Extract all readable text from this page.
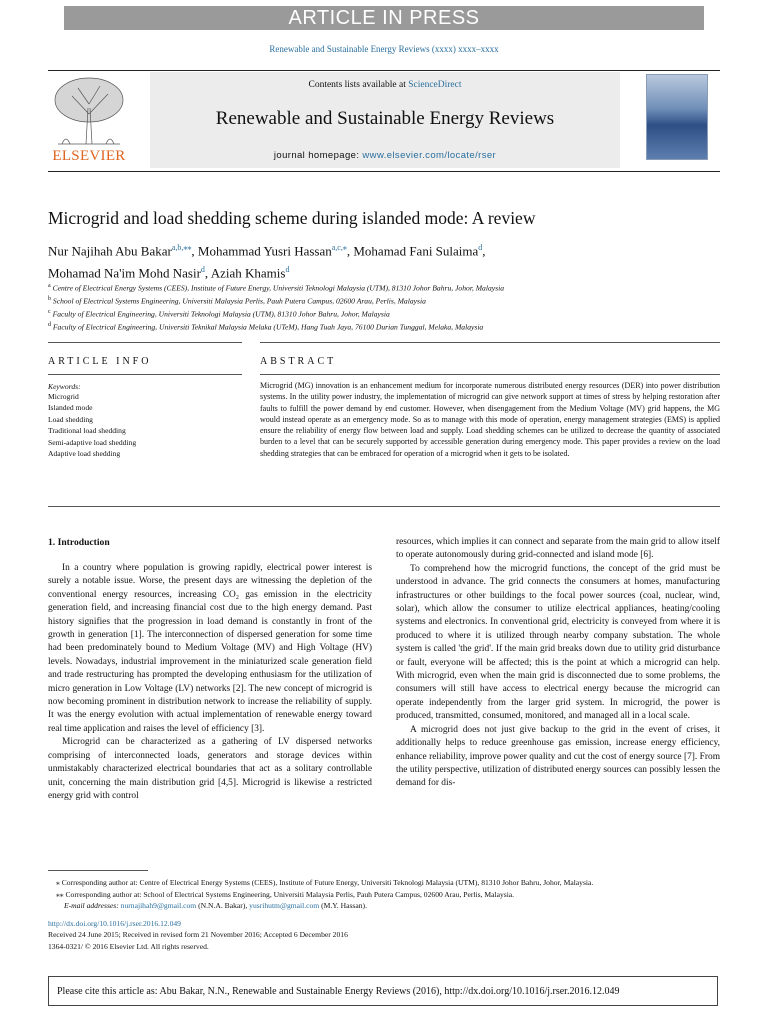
ARTICLE IN PRESS
Renewable and Sustainable Energy Reviews (xxxx) xxxx–xxxx
ELSEVIER
Contents lists available at ScienceDirect
Renewable and Sustainable Energy Reviews
journal homepage: www.elsevier.com/locate/rser
Microgrid and load shedding scheme during islanded mode: A review
Nur Najihah Abu Bakar$^{a,b,⁎⁎}$, Mohammad Yusri Hassan$^{a,c,⁎}$, Mohamad Fani Sulaima$^d$,
Mohamad Na'im Mohd Nasir$^d$, Aziah Khamis$^d$
$^a$ Centre of Electrical Energy Systems (CEES), Institute of Future Energy, Universiti Teknologi Malaysia (UTM), 81310 Johor Bahru, Johor, Malaysia
$^b$ School of Electrical Systems Engineering, Universiti Malaysia Perlis, Pauh Putera Campus, 02600 Arau, Perlis, Malaysia
$^c$ Faculty of Electrical Engineering, Universiti Teknologi Malaysia (UTM), 81310 Johor Bahru, Johor, Malaysia
$^d$ Faculty of Electrical Engineering, Universiti Teknikal Malaysia Melaka (UTeM), Hang Tuah Jaya, 76100 Durian Tunggal, Melaka, Malaysia
ARTICLE INFO	ABSTRACT
Keywords:
Microgrid
Islanded mode
Load shedding
Traditional load shedding
Semi-adaptive load shedding
Adaptive load shedding
Microgrid (MG) innovation is an enhancement medium for incorporate numerous distributed energy resources (DER) into power distribution systems. In the utility power industry, the implementation of microgrid can give network support at times of stress by helping restoration after faults to fulfill the power demand by end customer. However, when disengagement from the Medium Voltage (MV) grid happens, the MG would instead operate as an emergency mode. So as to manage with this mode of operation, energy management strategies (EMS) is applied ensure the reliability of energy flow between load and supply. Load shedding schemes can be utilized to decrease the quantity of associated burden to a level that can be securely supported by accessible generation during emergency mode. This paper provides a review on the load shedding strategies that can be embraced for operation of a microgrid when it gets to be isolated.
1. Introduction

In a country where population is growing rapidly, electrical power interest is surely a notable issue. Worse, the present days are witnessing the depletion of the conventional energy resources, increasing CO₂ gas emission in the electricity generation field, and increasing financial cost due to the high energy demand. Past history signifies that the progression in load demand is constantly in front of the growth in generation [1]. The interconnection of dispersed generation for some time had been predominately bound to Medium Voltage (MV) and High Voltage (HV) levels. Nowadays, industrial improvement in the miniaturized scale generation field and trade restructuring has prompted the developing enthusiasm for the utilization of micro generation in Low Voltage (LV) networks [2]. The new concept of microgrid is now becoming prominent in distribution network to increase the reliability of supply. It was the energy evolution with actual implementation of renewable energy toward real time application and raises the level of efficiency [3].

Microgrid can be characterized as a gathering of LV dispersed networks comprising of interconnected loads, generators and storage devices within unmistakably characterized electrical boundaries that act as a solitary controllable unit, concerning the main distribution grid [4,5]. Microgrid is likewise a restricted energy grid with control

resources, which implies it can connect and separate from the main grid to allow itself to operate autonomously during grid-connected and island mode [6].

To comprehend how the microgrid functions, the concept of the grid must be understood in advance. The grid connects the consumers at homes, manufacturing infrastructures or other buildings to the focal power sources (coal, nuclear, wind, solar), which allow the consumer to utilize electrical appliances, heating/cooling systems and electronics. In conventional grid, electricity is conveyed from where it is produced to where it is utilized through nearby company substation. The whole system is called 'the grid'. If the main grid breaks down due to utility grid disturbance or fault, everyone will be affected; this is the point at which a microgrid can help. With microgrid, even when the main grid is disconnected due to some problems, the consumers will still have access to electrical energy because the microgrid can operate independently from the larger grid system. In microgrid, the power is produced, transmitted, consumed, monitored, and managed all in a local scale.

A microgrid does not just give backup to the grid in the event of crises, it additionally helps to reduce greenhouse gas emission, increase energy efficiency, enhance reliability, improve power quality and cut the cost of energy source [7]. From the utility perspective, utilization of distributed energy sources can possibly lessen the demand for dis-

⁎ Corresponding author at: Centre of Electrical Energy Systems (CEES), Institute of Future Energy, Universiti Teknologi Malaysia (UTM), 81310 Johor Bahru, Johor, Malaysia.
⁎⁎ Corresponding author at: School of Electrical Systems Engineering, Universiti Malaysia Perlis, Pauh Putera Campus, 02600 Arau, Perlis, Malaysia.
E-mail addresses: nurnajihah9@gmail.com (N.N.A. Bakar), yusrihutm@gmail.com (M.Y. Hassan).
http://dx.doi.org/10.1016/j.rser.2016.12.049
Received 24 June 2015; Received in revised form 21 November 2016; Accepted 6 December 2016
1364-0321/ © 2016 Elsevier Ltd. All rights reserved.
Please cite this article as: Abu Bakar, N.N., Renewable and Sustainable Energy Reviews (2016), http://dx.doi.org/10.1016/j.rser.2016.12.049
